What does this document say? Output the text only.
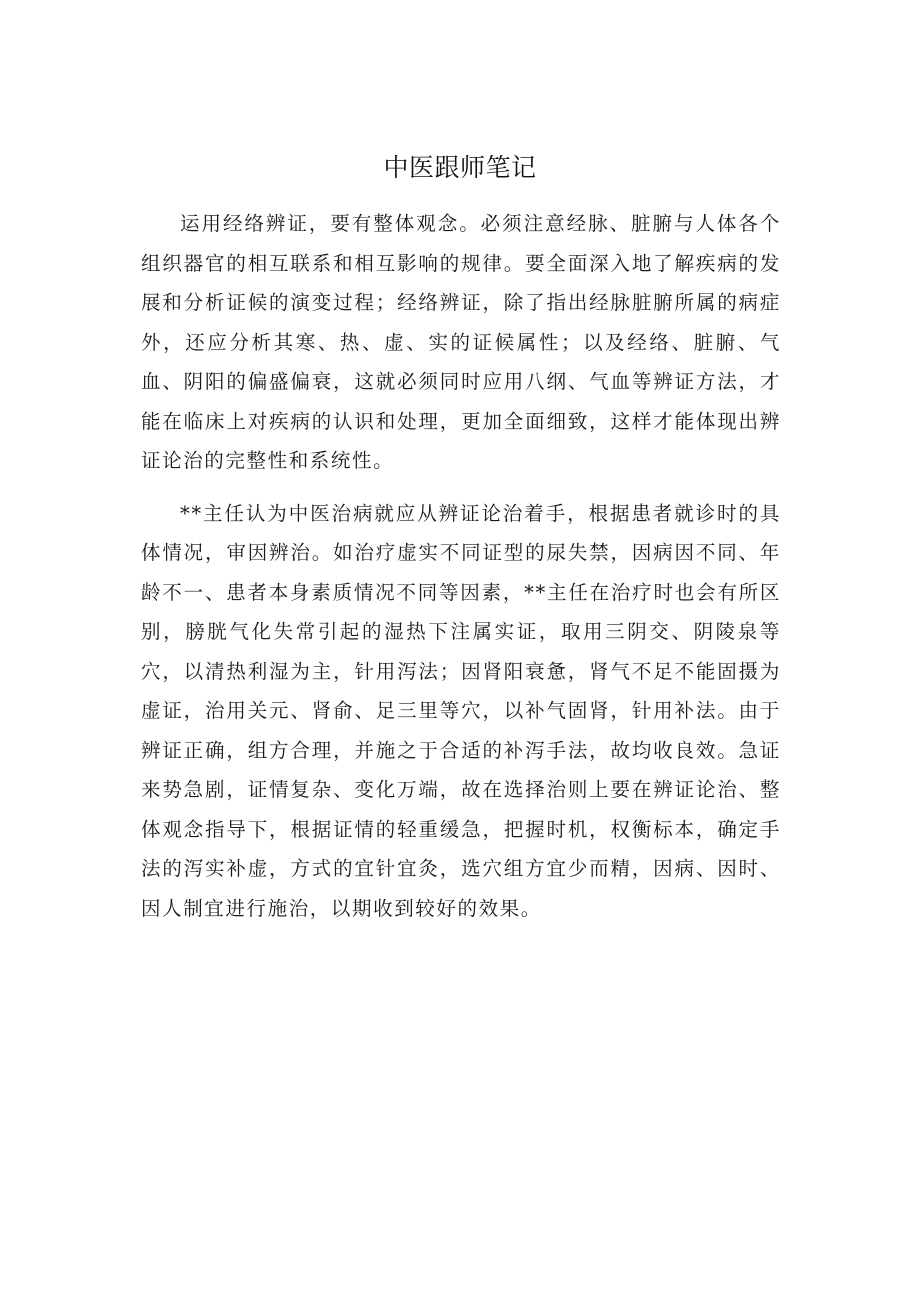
中医跟师笔记

运用经络辨证，要有整体观念。必须注意经脉、脏腑与人体各个组织器官的相互联系和相互影响的规律。要全面深入地了解疾病的发展和分析证候的演变过程；经络辨证，除了指出经脉脏腑所属的病症外，还应分析其寒、热、虚、实的证候属性；以及经络、脏腑、气血、阴阳的偏盛偏衰，这就必须同时应用八纲、气血等辨证方法，才能在临床上对疾病的认识和处理，更加全面细致，这样才能体现出辨证论治的完整性和系统性。

**主任认为中医治病就应从辨证论治着手，根据患者就诊时的具体情况，审因辨治。如治疗虚实不同证型的尿失禁，因病因不同、年龄不一、患者本身素质情况不同等因素，**主任在治疗时也会有所区别，膀胱气化失常引起的湿热下注属实证，取用三阴交、阴陵泉等穴，以清热利湿为主，针用泻法；因肾阳衰惫，肾气不足不能固摄为虚证，治用关元、肾俞、足三里等穴，以补气固肾，针用补法。由于辨证正确，组方合理，并施之于合适的补泻手法，故均收良效。急证来势急剧，证情复杂、变化万端，故在选择治则上要在辨证论治、整体观念指导下，根据证情的轻重缓急，把握时机，权衡标本，确定手法的泻实补虚，方式的宜针宜灸，选穴组方宜少而精，因病、因时、因人制宜进行施治，以期收到较好的效果。
